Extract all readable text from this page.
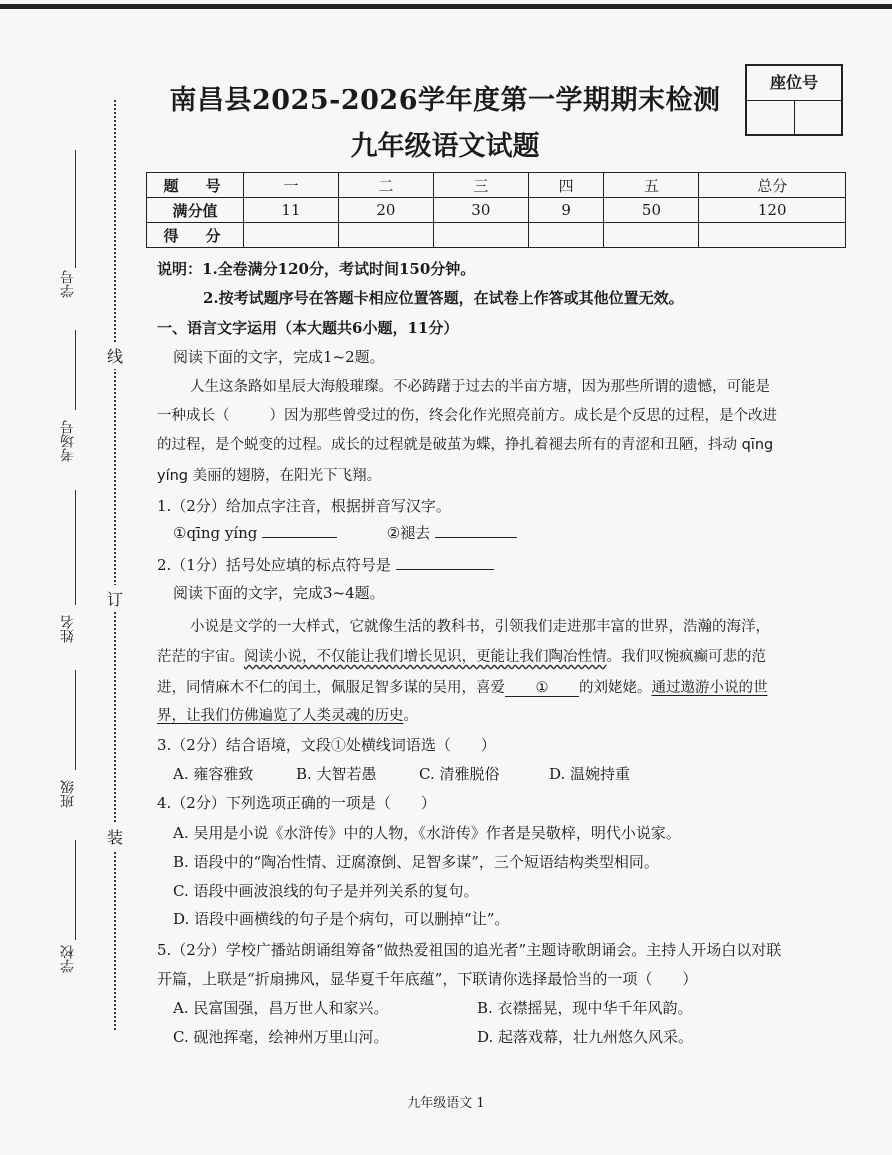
学号
考场号
姓名
班级
学校
线
订
装
南昌县2025-2026学年度第一学期期末检测
九年级语文试题
座位号
题　号	一	二	三	四	五	总分
满分值	11	20	30	9	50	120
得　分						
说明：1.全卷满分120分，考试时间150分钟。
2.按考试题序号在答题卡相应位置答题，在试卷上作答或其他位置无效。
一、语言文字运用（本大题共6小题，11分）
阅读下面的文字，完成1~2题。
人生这条路如星辰大海般璀璨。不必踌躇于过去的半亩方塘，因为那些所谓的遗憾，可能是
一种成长（	）因为那些曾受过的伤，终会化作光照亮前方。成长是个反思的过程，是个改进
的过程，是个蜕变的过程。成长的过程就是破茧为蝶，挣扎着褪去所有的青涩和丑陋，抖动 qīng
yíng 美丽的翅膀，在阳光下飞翔。
1.（2分）给加点字注音，根据拼音写汉字。
①qīng yíng	②褪去
2.（1分）括号处应填的标点符号是
阅读下面的文字，完成3~4题。
小说是文学的一大样式，它就像生活的教科书，引领我们走进那丰富的世界，浩瀚的海洋，
茫茫的宇宙。阅读小说，不仅能让我们增长见识，更能让我们陶冶性情。我们叹惋疯癫可悲的范
进，同情麻木不仁的闰土，佩服足智多谋的吴用，喜爱 ① 的刘姥姥。通过遨游小说的世
界，让我们仿佛遍览了人类灵魂的历史。
3.（2分）结合语境，文段①处横线词语选（　　）
A. 雍容雅致	B. 大智若愚	C. 清雅脱俗	D. 温婉持重
4.（2分）下列选项正确的一项是（　　）
A. 吴用是小说《水浒传》中的人物，《水浒传》作者是吴敬梓，明代小说家。
B. 语段中的“陶冶性情、迂腐潦倒、足智多谋”，三个短语结构类型相同。
C. 语段中画波浪线的句子是并列关系的复句。
D. 语段中画横线的句子是个病句，可以删掉“让”。
5.（2分）学校广播站朗诵组筹备“做热爱祖国的追光者”主题诗歌朗诵会。主持人开场白以对联
开篇，上联是“折扇拂风，显华夏千年底蕴”，下联请你选择最恰当的一项（　　）
A. 民富国强，昌万世人和家兴。	B. 衣襟摇晃，现中华千年风韵。
C. 砚池挥毫，绘神州万里山河。	D. 起落戏幕，壮九州悠久风采。
九年级语文 1
